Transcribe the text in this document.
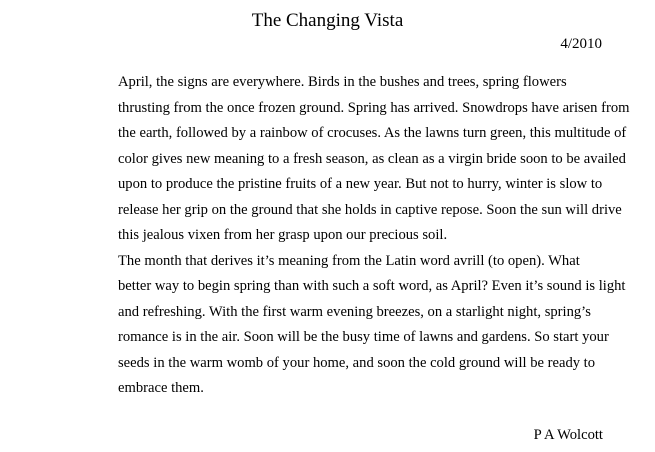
The Changing Vista
4/2010

April, the signs are everywhere. Birds in the bushes and trees, spring flowers
thrusting from the once frozen ground. Spring has arrived. Snowdrops have arisen from
the earth, followed by a rainbow of crocuses. As the lawns turn green, this multitude of
color gives new meaning to a fresh season, as clean as a virgin bride soon to be availed
upon to produce the pristine fruits of a new year. But not to hurry, winter is slow to
release her grip on the ground that she holds in captive repose. Soon the sun will drive
this jealous vixen from her grasp upon our precious soil.

The month that derives it’s meaning from the Latin word avrill (to open). What
better way to begin spring than with such a soft word, as April? Even it’s sound is light
and refreshing. With the first warm evening breezes, on a starlight night, spring’s
romance is in the air. Soon will be the busy time of lawns and gardens. So start your
seeds in the warm womb of your home, and soon the cold ground will be ready to
embrace them.

P A Wolcott
